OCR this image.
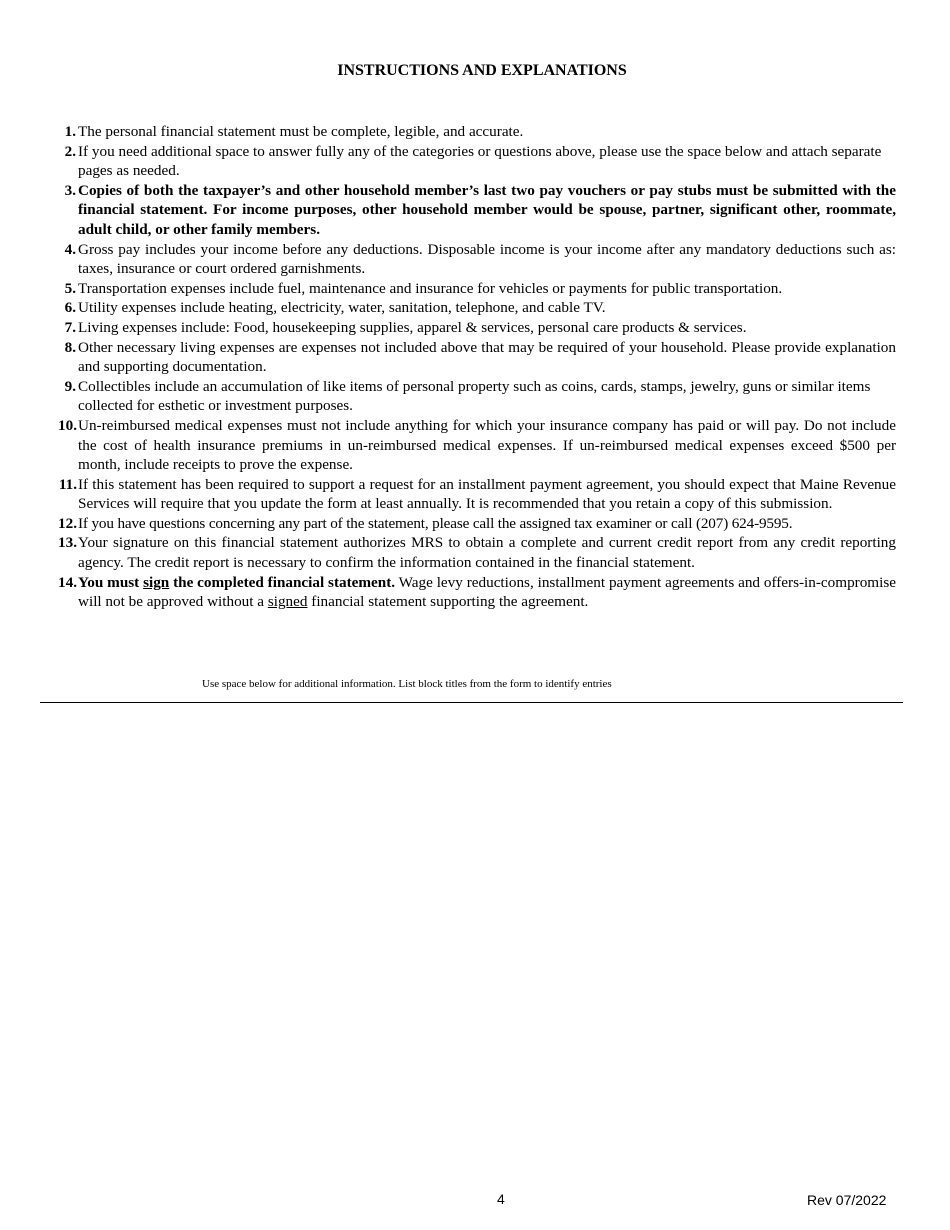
INSTRUCTIONS AND EXPLANATIONS
1. The personal financial statement must be complete, legible, and accurate.
2. If you need additional space to answer fully any of the categories or questions above, please use the space below and attach separate pages as needed.
3. Copies of both the taxpayer’s and other household member’s last two pay vouchers or pay stubs must be submitted with the financial statement. For income purposes, other household member would be spouse, partner, significant other, roommate, adult child, or other family members.
4. Gross pay includes your income before any deductions. Disposable income is your income after any mandatory deductions such as: taxes, insurance or court ordered garnishments.
5. Transportation expenses include fuel, maintenance and insurance for vehicles or payments for public transportation.
6. Utility expenses include heating, electricity, water, sanitation, telephone, and cable TV.
7. Living expenses include: Food, housekeeping supplies, apparel & services, personal care products & services.
8. Other necessary living expenses are expenses not included above that may be required of your household. Please provide explanation and supporting documentation.
9. Collectibles include an accumulation of like items of personal property such as coins, cards, stamps, jewelry, guns or similar items collected for esthetic or investment purposes.
10. Un-reimbursed medical expenses must not include anything for which your insurance company has paid or will pay. Do not include the cost of health insurance premiums in un-reimbursed medical expenses. If un-reimbursed medical expenses exceed $500 per month, include receipts to prove the expense.
11. If this statement has been required to support a request for an installment payment agreement, you should expect that Maine Revenue Services will require that you update the form at least annually. It is recommended that you retain a copy of this submission.
12. If you have questions concerning any part of the statement, please call the assigned tax examiner or call (207) 624-9595.
13. Your signature on this financial statement authorizes MRS to obtain a complete and current credit report from any credit reporting agency. The credit report is necessary to confirm the information contained in the financial statement.
14. You must sign the completed financial statement. Wage levy reductions, installment payment agreements and offers-in-compromise will not be approved without a signed financial statement supporting the agreement.

Use space below for additional information. List block titles from the form to identify entries

4	Rev 07/2022
